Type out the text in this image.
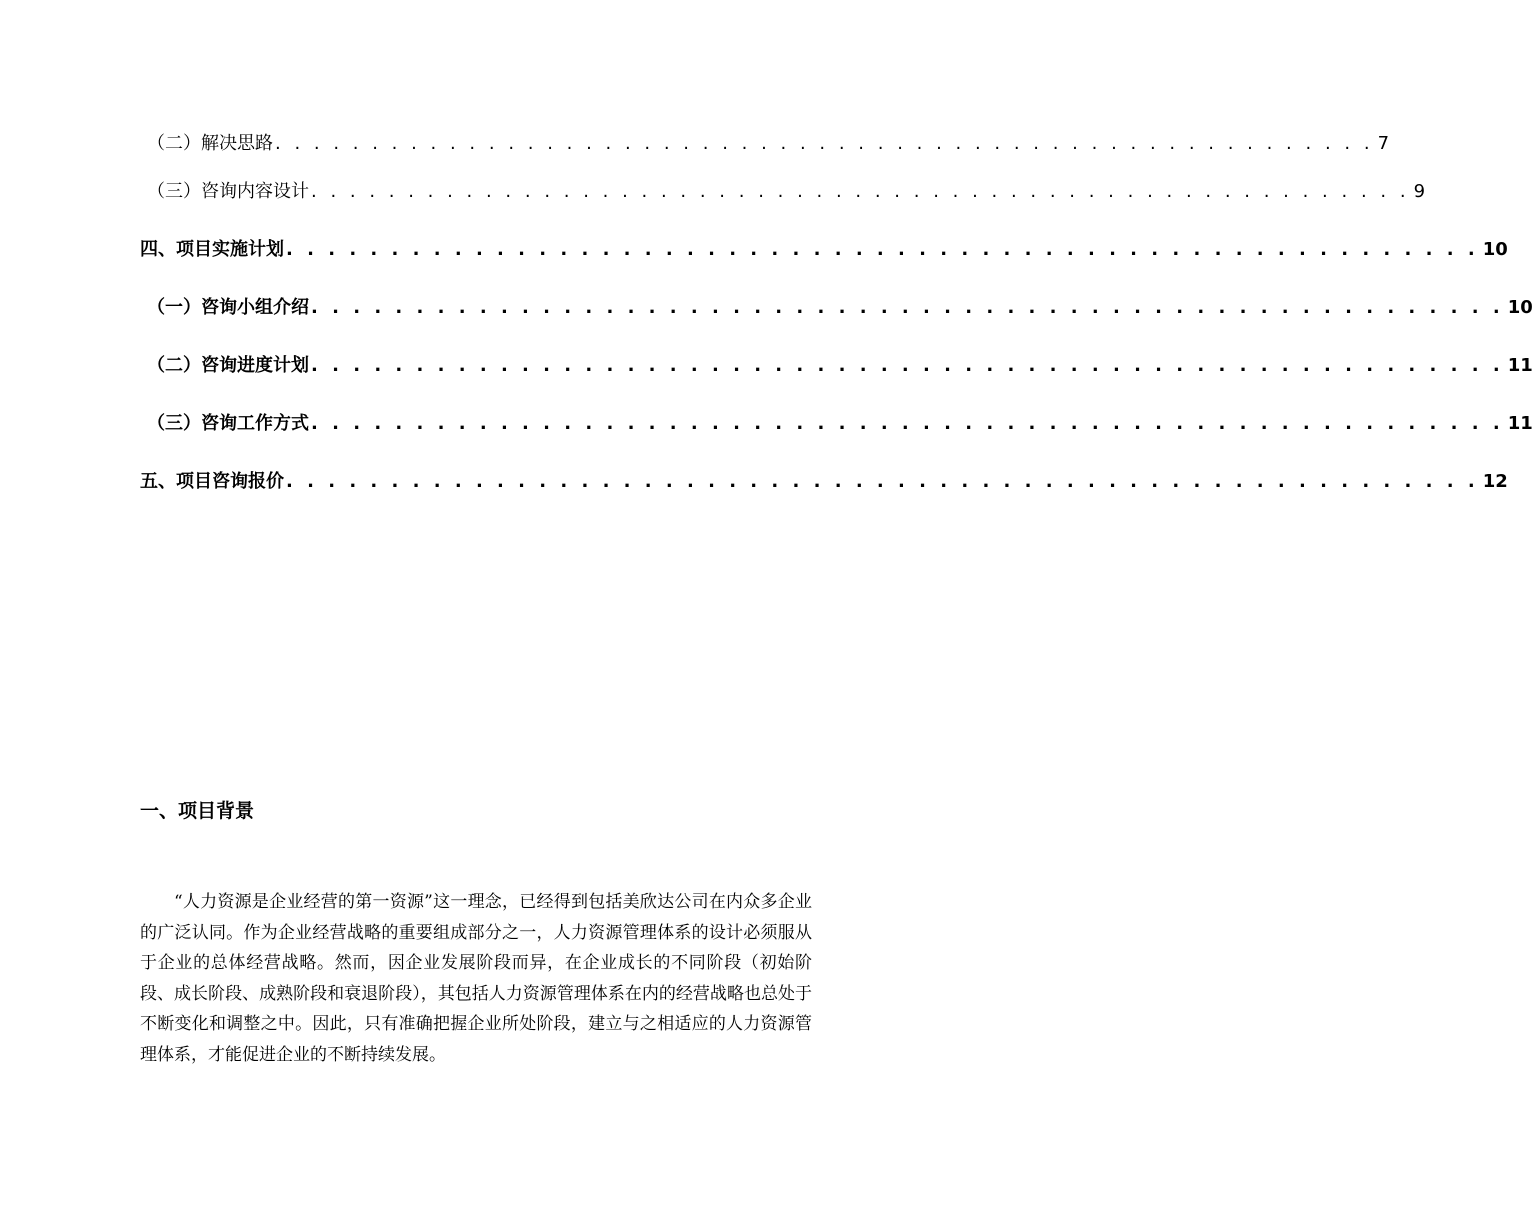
（二）解决思路 . . . . . . . . . . . . . . . . . . . . . . . . . . . . . . . . . . . . . . . . . . . . . . . . . . . . . . . . . 7
（三）咨询内容设计 . . . . . . . . . . . . . . . . . . . . . . . . . . . . . . . . . . . . . . . . . . . . . . . . . . . . . . . . . 9
四、项目实施计划 . . . . . . . . . . . . . . . . . . . . . . . . . . . . . . . . . . . . . . . . . . . . . . . . . . . . . . . . . 10
（一）咨询小组介绍 . . . . . . . . . . . . . . . . . . . . . . . . . . . . . . . . . . . . . . . . . . . . . . . . . . . . . . . . . 10
（二）咨询进度计划 . . . . . . . . . . . . . . . . . . . . . . . . . . . . . . . . . . . . . . . . . . . . . . . . . . . . . . . . . 11
（三）咨询工作方式 . . . . . . . . . . . . . . . . . . . . . . . . . . . . . . . . . . . . . . . . . . . . . . . . . . . . . . . . . 11
五、项目咨询报价 . . . . . . . . . . . . . . . . . . . . . . . . . . . . . . . . . . . . . . . . . . . . . . . . . . . . . . . . . 12
一、项目背景

“人力资源是企业经营的第一资源”这一理念，已经得到包括美欣达公司在内众多企业的广泛认同。作为企业经营战略的重要组成部分之一，人力资源管理体系的设计必须服从于企业的总体经营战略。然而，因企业发展阶段而异，在企业成长的不同阶段（初始阶段、成长阶段、成熟阶段和衰退阶段），其包括人力资源管理体系在内的经营战略也总处于不断变化和调整之中。因此，只有准确把握企业所处阶段，建立与之相适应的人力资源管理体系，才能促进企业的不断持续发展。
